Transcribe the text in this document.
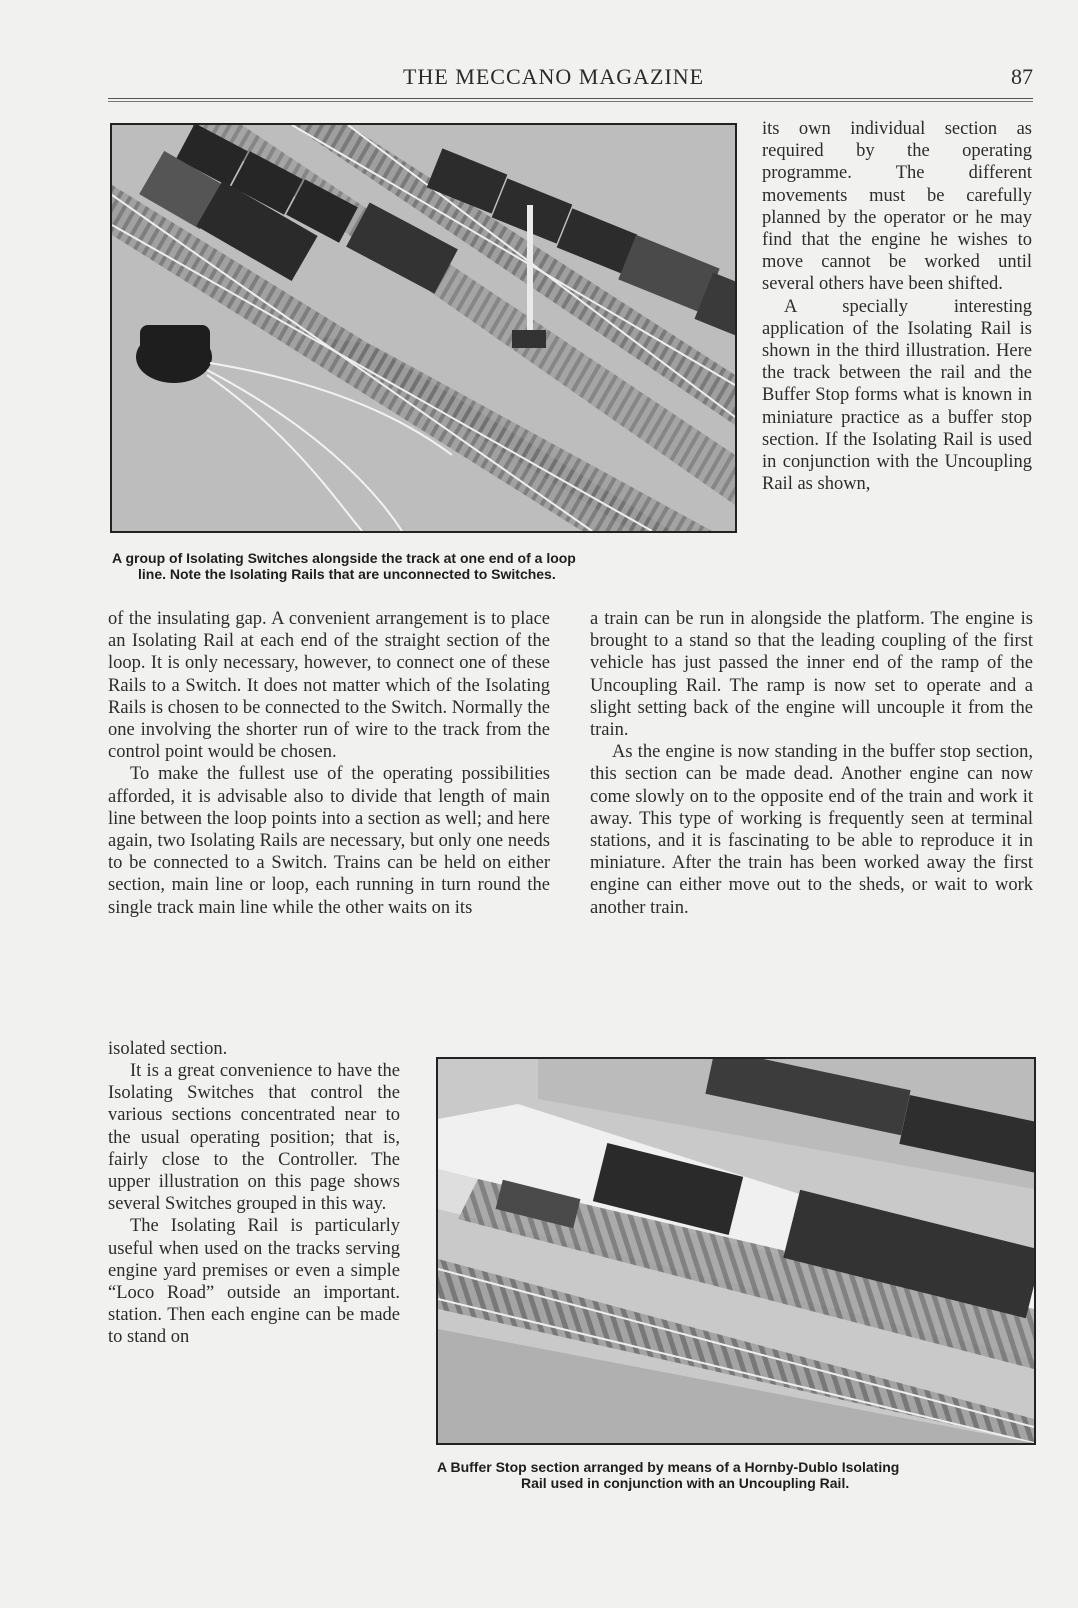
THE MECCANO MAGAZINE	87
A group of Isolating Switches alongside the track at one end of a loop
line. Note the Isolating Rails that are unconnected to Switches.

its own individual section as required by the operating programme. The different movements must be carefully planned by the operator or he may find that the engine he wishes to move cannot be worked until several others have been shifted.

A specially interesting application of the Isolating Rail is shown in the third illustration. Here the track between the rail and the Buffer Stop forms what is known in miniature practice as a buffer stop section. If the Isolating Rail is used in conjunction with the Uncoupling Rail as shown,

of the insulating gap. A convenient arrangement is to place an Isolating Rail at each end of the straight section of the loop. It is only necessary, however, to connect one of these Rails to a Switch. It does not matter which of the Isolating Rails is chosen to be connected to the Switch. Normally the one involving the shorter run of wire to the track from the control point would be chosen.

To make the fullest use of the operating possibilities afforded, it is advisable also to divide that length of main line between the loop points into a section as well; and here again, two Isolating Rails are necessary, but only one needs to be connected to a Switch. Trains can be held on either section, main line or loop, each running in turn round the single track main line while the other waits on its

isolated section.

It is a great convenience to have the Isolating Switches that control the various sections concentrated near to the usual operating position; that is, fairly close to the Controller. The upper illustration on this page shows several Switches grouped in this way.

The Isolating Rail is particularly useful when used on the tracks serving engine yard premises or even a simple “Loco Road” outside an important. station. Then each engine can be made to stand on

a train can be run in alongside the platform. The engine is brought to a stand so that the leading coupling of the first vehicle has just passed the inner end of the ramp of the Uncoupling Rail. The ramp is now set to operate and a slight setting back of the engine will uncouple it from the train.

As the engine is now standing in the buffer stop section, this section can be made dead. Another engine can now come slowly on to the opposite end of the train and work it away. This type of working is frequently seen at terminal stations, and it is fascinating to be able to reproduce it in miniature. After the train has been worked away the first engine can either move out to the sheds, or wait to work another train.

A Buffer Stop section arranged by means of a Hornby-Dublo Isolating
Rail used in conjunction with an Uncoupling Rail.
